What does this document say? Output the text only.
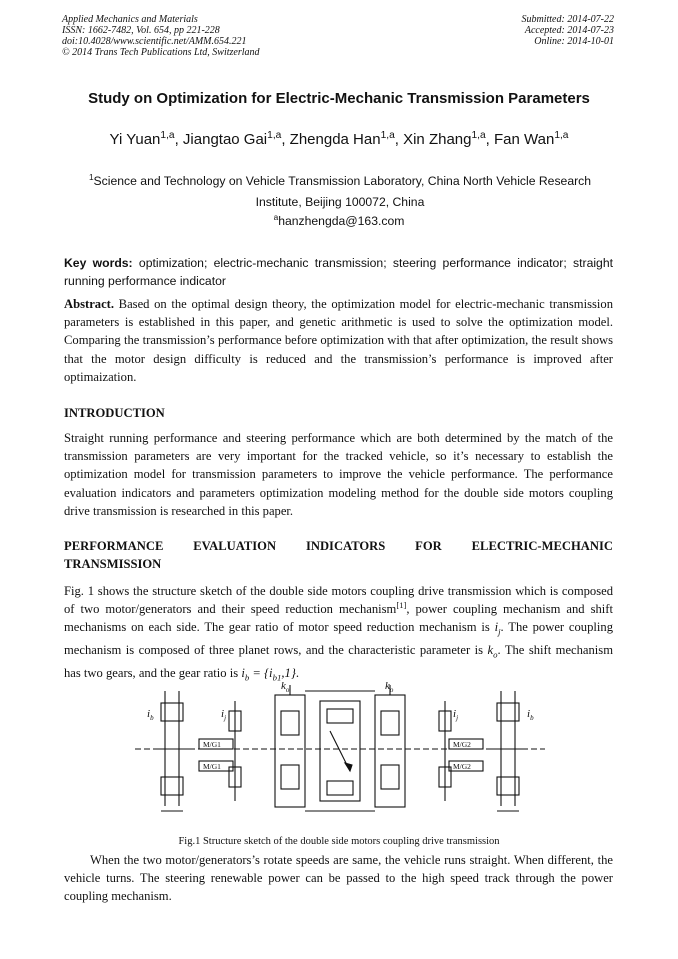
Applied Mechanics and Materials
ISSN: 1662-7482, Vol. 654, pp 221-228
doi:10.4028/www.scientific.net/AMM.654.221
© 2014 Trans Tech Publications Ltd, Switzerland
Submitted: 2014-07-22
Accepted: 2014-07-23
Online: 2014-10-01
Study on Optimization for Electric-Mechanic Transmission Parameters
Yi Yuan$^{1,a}$, Jiangtao Gai$^{1,a}$, Zhengda Han$^{1,a}$, Xin Zhang$^{1,a}$, Fan Wan$^{1,a}$
$^1$Science and Technology on Vehicle Transmission Laboratory, China North Vehicle Research
Institute, Beijing 100072, China
$^a$hanzhengda@163.com
Key words: optimization; electric-mechanic transmission; steering performance indicator; straight running performance indicator
Abstract. Based on the optimal design theory, the optimization model for electric-mechanic transmission parameters is established in this paper, and genetic arithmetic is used to solve the optimization model. Comparing the transmission’s performance before optimization with that after optimization, the result shows that the motor design difficulty is reduced and the transmission’s performance is improved after optimaization.
INTRODUCTION
Straight running performance and steering performance which are both determined by the match of the transmission parameters are very important for the tracked vehicle, so it’s necessary to establish the optimization model for transmission parameters to improve the vehicle performance. The performance evaluation indicators and parameters optimization modeling method for the double side motors coupling drive transmission is researched in this paper.
PERFORMANCE EVALUATION INDICATORS FOR ELECTRIC-MECHANIC
TRANSMISSION
Fig. 1 shows the structure sketch of the double side motors coupling drive transmission which is composed of two motor/generators and their speed reduction mechanism[1], power coupling mechanism and shift mechanisms on each side. The gear ratio of motor speed reduction mechanism is $i_j$. The power coupling mechanism is composed of three planet rows, and the characteristic parameter is $k_o$. The shift mechanism has two gears, and the gear ratio is $i_b = \{i_{b1},1\}$.
$i_b$	$i_j$
$k_o$	$k_o$
$i_j$	$i_b$
M/G1
M/G1
M/G2
M/G2
Fig.1 Structure sketch of the double side motors coupling drive transmission
When the two motor/generators’s rotate speeds are same, the vehicle runs straight. When different, the vehicle turns. The steering renewable power can be passed to the high speed track through the power coupling mechanism.
